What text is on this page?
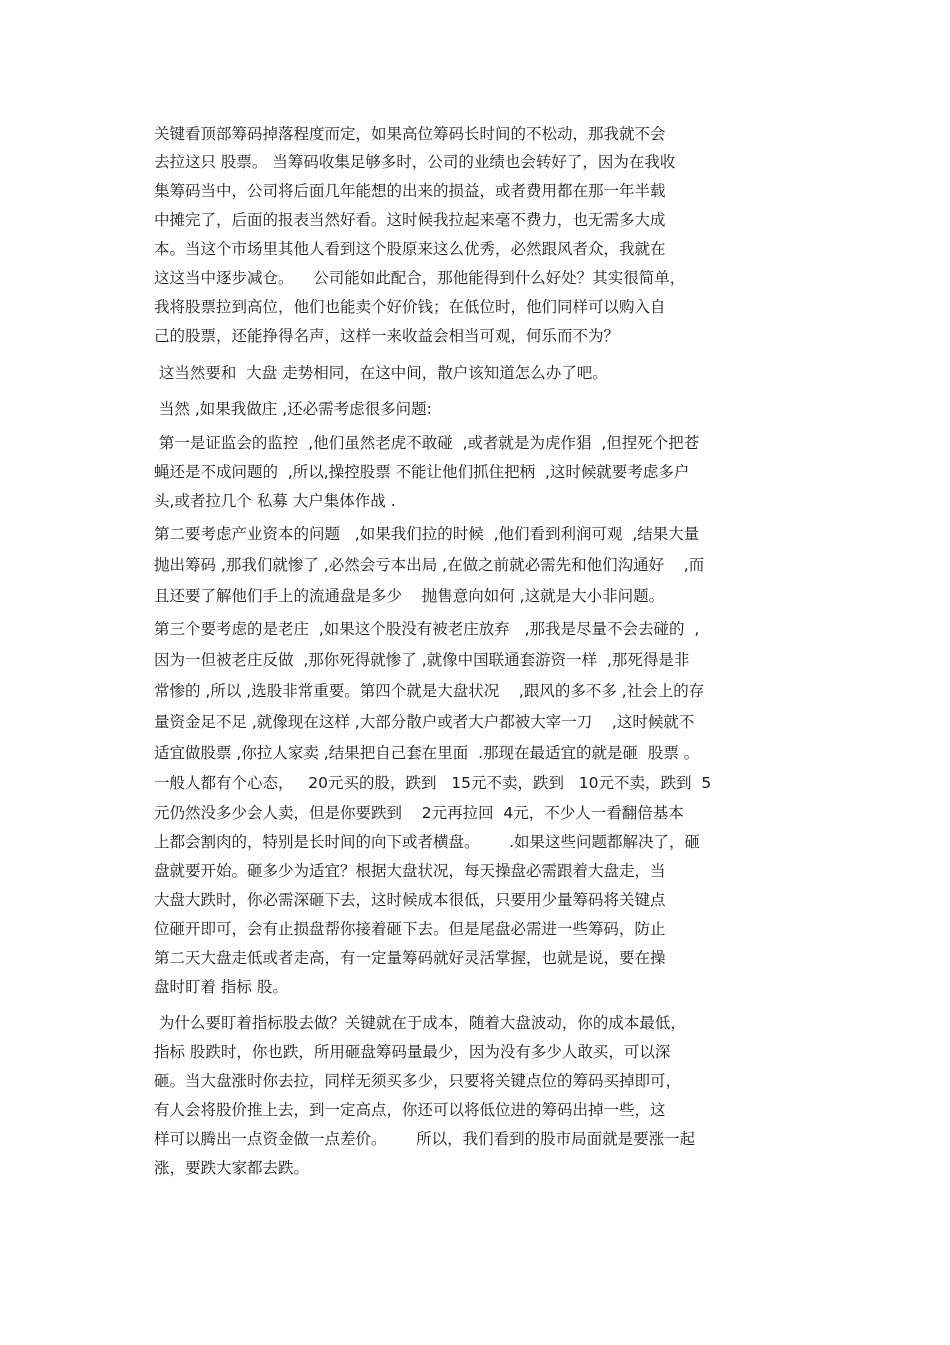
关键看顶部筹码掉落程度而定，如果高位筹码长时间的不松动，那我就不会

去拉这只 股票。 当筹码收集足够多时，公司的业绩也会转好了，因为在我收

集筹码当中，公司将后面几年能想的出来的损益，或者费用都在那一年半载

中摊完了，后面的报表当然好看。这时候我拉起来毫不费力，也无需多大成

本。当这个市场里其他人看到这个股原来这么优秀，必然跟风者众，我就在

这这当中逐步减仓。    公司能如此配合，那他能得到什么好处？其实很简单，

我将股票拉到高位，他们也能卖个好价钱；在低位时，他们同样可以购入自

己的股票，还能挣得名声，这样一来收益会相当可观，何乐而不为？

这当然要和  大盘 走势相同，在这中间，散户该知道怎么办了吧。

当然 ,如果我做庄 ,还必需考虑很多问题:

第一是证监会的监控  ,他们虽然老虎不敢碰  ,或者就是为虎作猖  ,但捏死个把苍

蝇还是不成问题的  ,所以,操控股票 不能让他们抓住把柄  ,这时候就要考虑多户

头,或者拉几个 私募 大户集体作战 .

第二要考虑产业资本的问题   ,如果我们拉的时候  ,他们看到利润可观  ,结果大量

抛出筹码 ,那我们就惨了 ,必然会亏本出局 ,在做之前就必需先和他们沟通好    ,而

且还要了解他们手上的流通盘是多少    抛售意向如何 ,这就是大小非问题。

第三个要考虑的是老庄  ,如果这个股没有被老庄放弃   ,那我是尽量不会去碰的  ,

因为一但被老庄反做  ,那你死得就惨了 ,就像中国联通套游资一样  ,那死得是非

常惨的 ,所以 ,选股非常重要。第四个就是大盘状况    ,跟风的多不多 ,社会上的存

量资金足不足 ,就像现在这样 ,大部分散户或者大户都被大宰一刀    ,这时候就不

适宜做股票 ,你拉人家卖 ,结果把自己套在里面  .那现在最适宜的就是砸  股票 。

一般人都有个心态，   20元买的股，跌到   15元不卖，跌到   10元不卖，跌到  5

元仍然没多少会人卖，但是你要跌到    2元再拉回  4元，不少人一看翻倍基本

上都会割肉的，特别是长时间的向下或者横盘。      .如果这些问题都解决了，砸

盘就要开始。砸多少为适宜？根据大盘状况，每天操盘必需跟着大盘走，当

大盘大跌时，你必需深砸下去，这时候成本很低，只要用少量筹码将关键点

位砸开即可，会有止损盘帮你接着砸下去。但是尾盘必需进一些筹码，防止

第二天大盘走低或者走高，有一定量筹码就好灵活掌握，也就是说，要在操

盘时盯着 指标 股。

为什么要盯着指标股去做？关键就在于成本，随着大盘波动，你的成本最低，

指标 股跌时，你也跌，所用砸盘筹码量最少，因为没有多少人敢买，可以深

砸。当大盘涨时你去拉，同样无须买多少，只要将关键点位的筹码买掉即可，

有人会将股价推上去，到一定高点，你还可以将低位进的筹码出掉一些，这

样可以腾出一点资金做一点差价。      所以，我们看到的股市局面就是要涨一起

涨，要跌大家都去跌。
